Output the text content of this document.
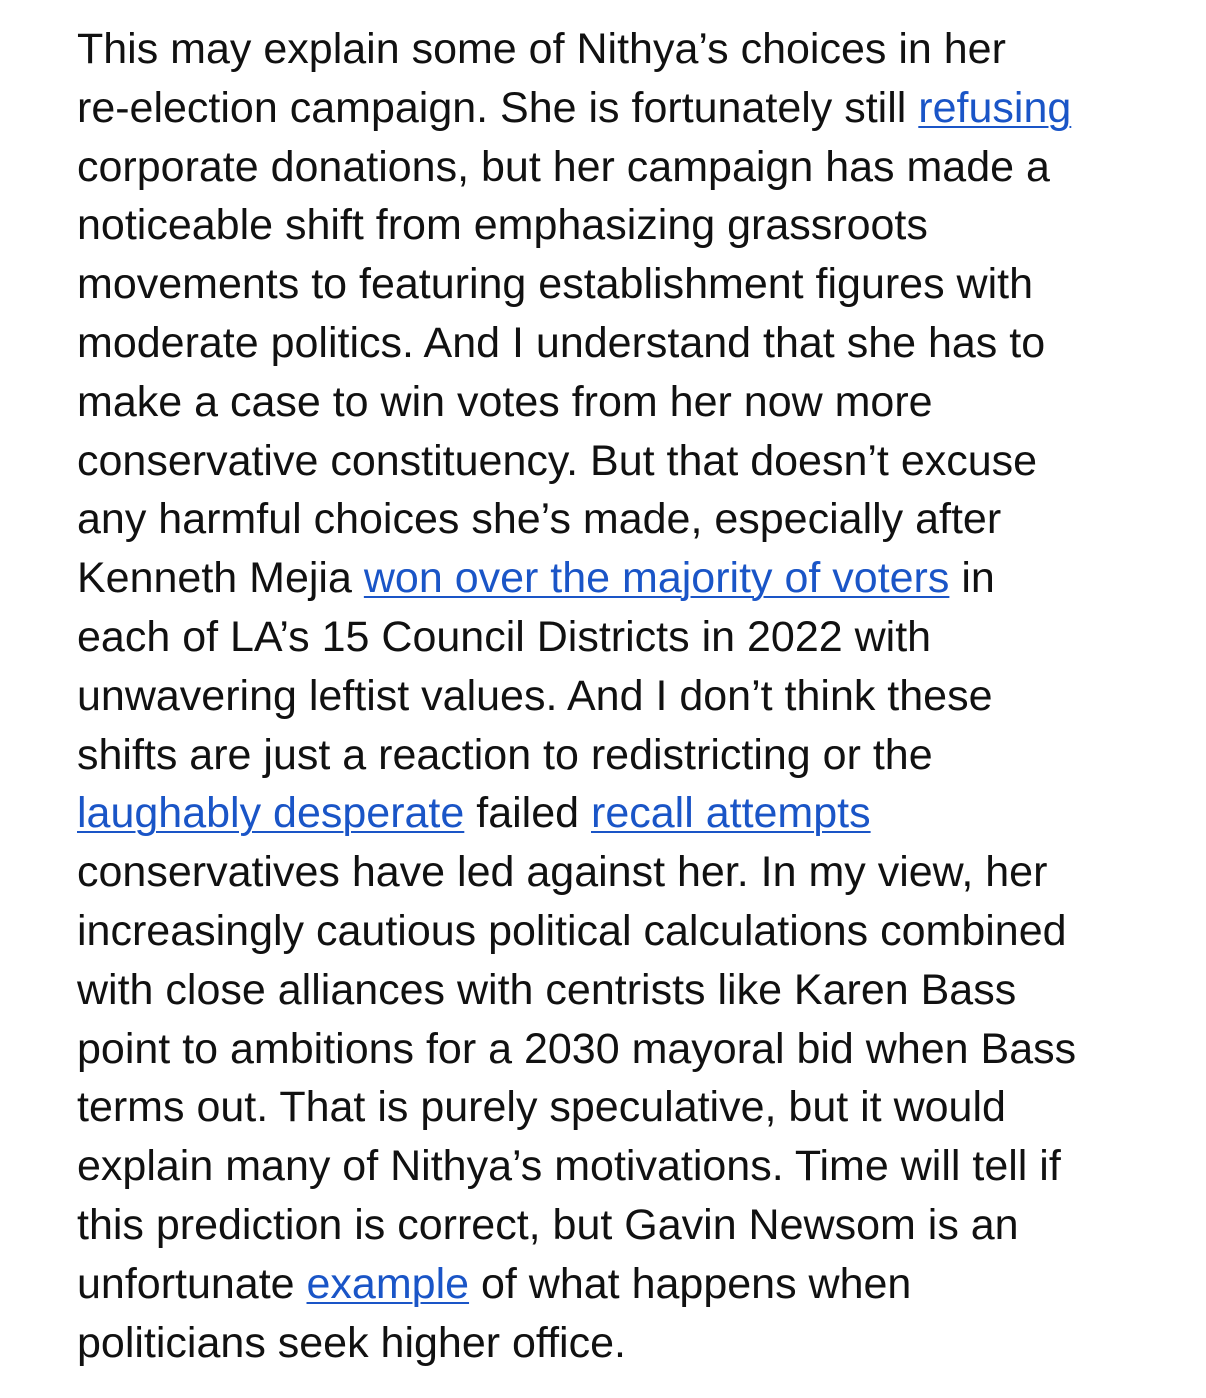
This may explain some of Nithya’s choices in her
re-election campaign. She is fortunately still refusing
corporate donations, but her campaign has made a
noticeable shift from emphasizing grassroots
movements to featuring establishment figures with
moderate politics. And I understand that she has to
make a case to win votes from her now more
conservative constituency. But that doesn’t excuse
any harmful choices she’s made, especially after
Kenneth Mejia won over the majority of voters in
each of LA’s 15 Council Districts in 2022 with
unwavering leftist values. And I don’t think these
shifts are just a reaction to redistricting or the
laughably desperate failed recall attempts
conservatives have led against her. In my view, her
increasingly cautious political calculations combined
with close alliances with centrists like Karen Bass
point to ambitions for a 2030 mayoral bid when Bass
terms out. That is purely speculative, but it would
explain many of Nithya’s motivations. Time will tell if
this prediction is correct, but Gavin Newsom is an
unfortunate example of what happens when
politicians seek higher office.
